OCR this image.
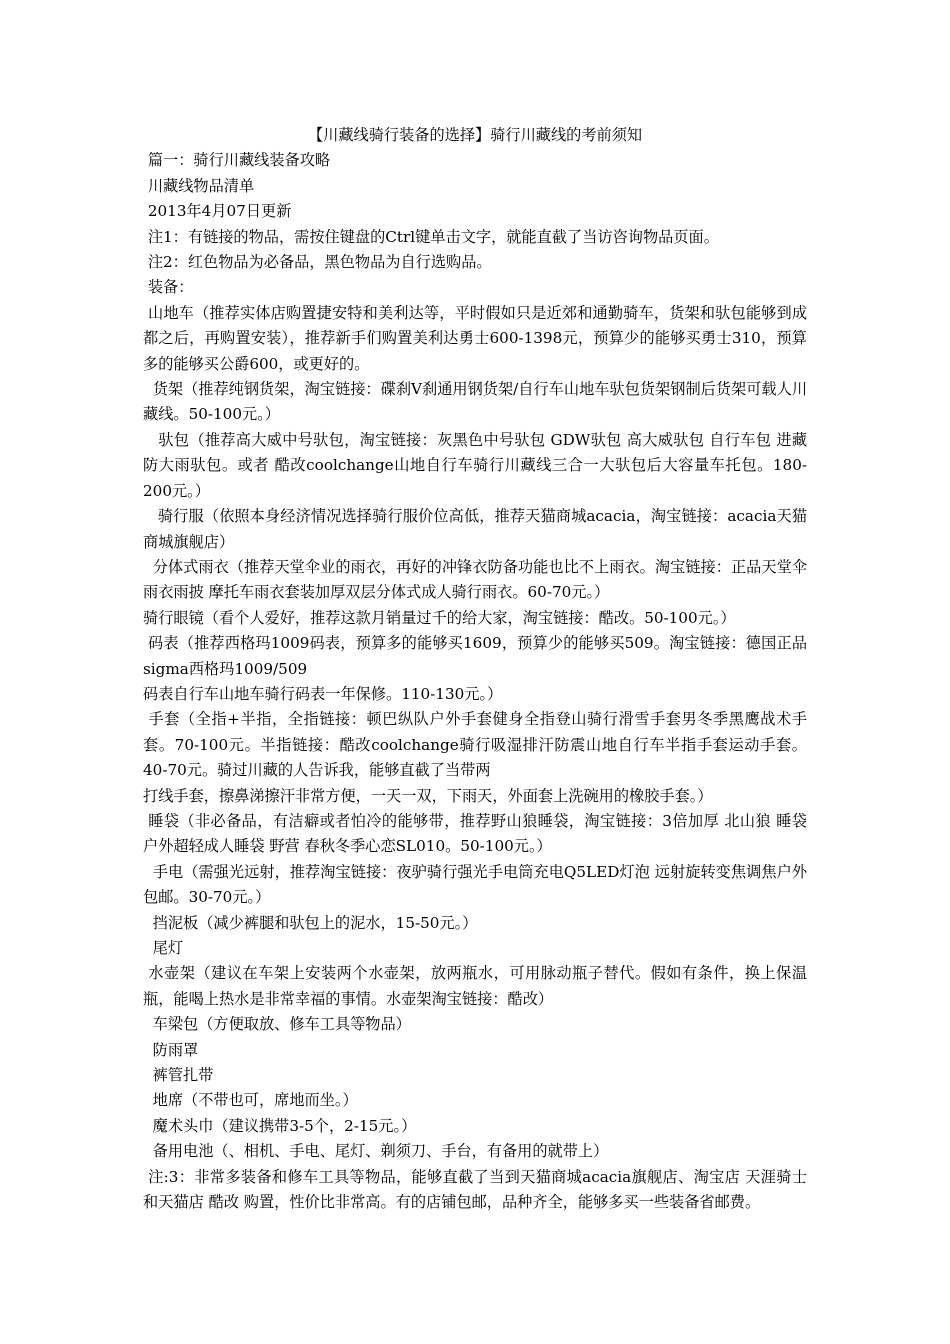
【川藏线骑行装备的选择】骑行川藏线的考前须知

篇一：骑行川藏线装备攻略

川藏线物品清单

2013年4月07日更新

注1：有链接的物品，需按住键盘的Ctrl键单击文字，就能直截了当访咨询物品页面。

注2：红色物品为必备品，黑色物品为自行选购品。

装备：

山地车（推荐实体店购置捷安特和美利达等，平时假如只是近郊和通勤骑车，货架和驮包能够到成都之后，再购置安装），推荐新手们购置美利达勇士600-1398元，预算少的能够买勇士310，预算多的能够买公爵600，或更好的。

货架（推荐纯钢货架，淘宝链接：碟刹V刹通用钢货架/自行车山地车驮包货架钢制后货架可载人川藏线。50-100元。）

驮包（推荐高大威中号驮包，淘宝链接：灰黑色中号驮包 GDW驮包 高大威驮包 自行车包 进藏防大雨驮包。或者 酷改coolchange山地自行车骑行川藏线三合一大驮包后大容量车托包。180-200元。）

骑行服（依照本身经济情况选择骑行服价位高低，推荐天猫商城acacia，淘宝链接：acacia天猫商城旗舰店）

分体式雨衣（推荐天堂伞业的雨衣，再好的冲锋衣防备功能也比不上雨衣。淘宝链接：正品天堂伞雨衣雨披 摩托车雨衣套装加厚双层分体式成人骑行雨衣。60-70元。）

骑行眼镜（看个人爱好，推荐这款月销量过千的给大家，淘宝链接：酷改。50-100元。）

码表（推荐西格玛1009码表，预算多的能够买1609，预算少的能够买509。淘宝链接：德国正品sigma西格玛1009/509

码表自行车山地车骑行码表一年保修。110-130元。）

手套（全指+半指，全指链接：顿巴纵队户外手套健身全指登山骑行滑雪手套男冬季黑鹰战术手套。70-100元。半指链接：酷改coolchange骑行吸湿排汗防震山地自行车半指手套运动手套。40-70元。骑过川藏的人告诉我，能够直截了当带两

打线手套，擦鼻涕擦汗非常方便，一天一双，下雨天，外面套上洗碗用的橡胶手套。）

睡袋（非必备品，有洁癖或者怕冷的能够带，推荐野山狼睡袋，淘宝链接：3倍加厚 北山狼 睡袋 户外超轻成人睡袋 野营 春秋冬季心恋SL010。50-100元。）

手电（需强光远射，推荐淘宝链接：夜驴骑行强光手电筒充电Q5LED灯泡 远射旋转变焦调焦户外 包邮。30-70元。）

挡泥板（减少裤腿和驮包上的泥水，15-50元。）

尾灯

水壶架（建议在车架上安装两个水壶架，放两瓶水，可用脉动瓶子替代。假如有条件，换上保温瓶，能喝上热水是非常幸福的事情。水壶架淘宝链接：酷改）

车梁包（方便取放、修车工具等物品）

防雨罩

裤管扎带

地席（不带也可，席地而坐。）

魔术头巾（建议携带3-5个，2-15元。）

备用电池（、相机、手电、尾灯、剃须刀、手台，有备用的就带上）

注:3：非常多装备和修车工具等物品，能够直截了当到天猫商城acacia旗舰店、淘宝店 天涯骑士 和天猫店 酷改 购置，性价比非常高。有的店铺包邮，品种齐全，能够多买一些装备省邮费。
